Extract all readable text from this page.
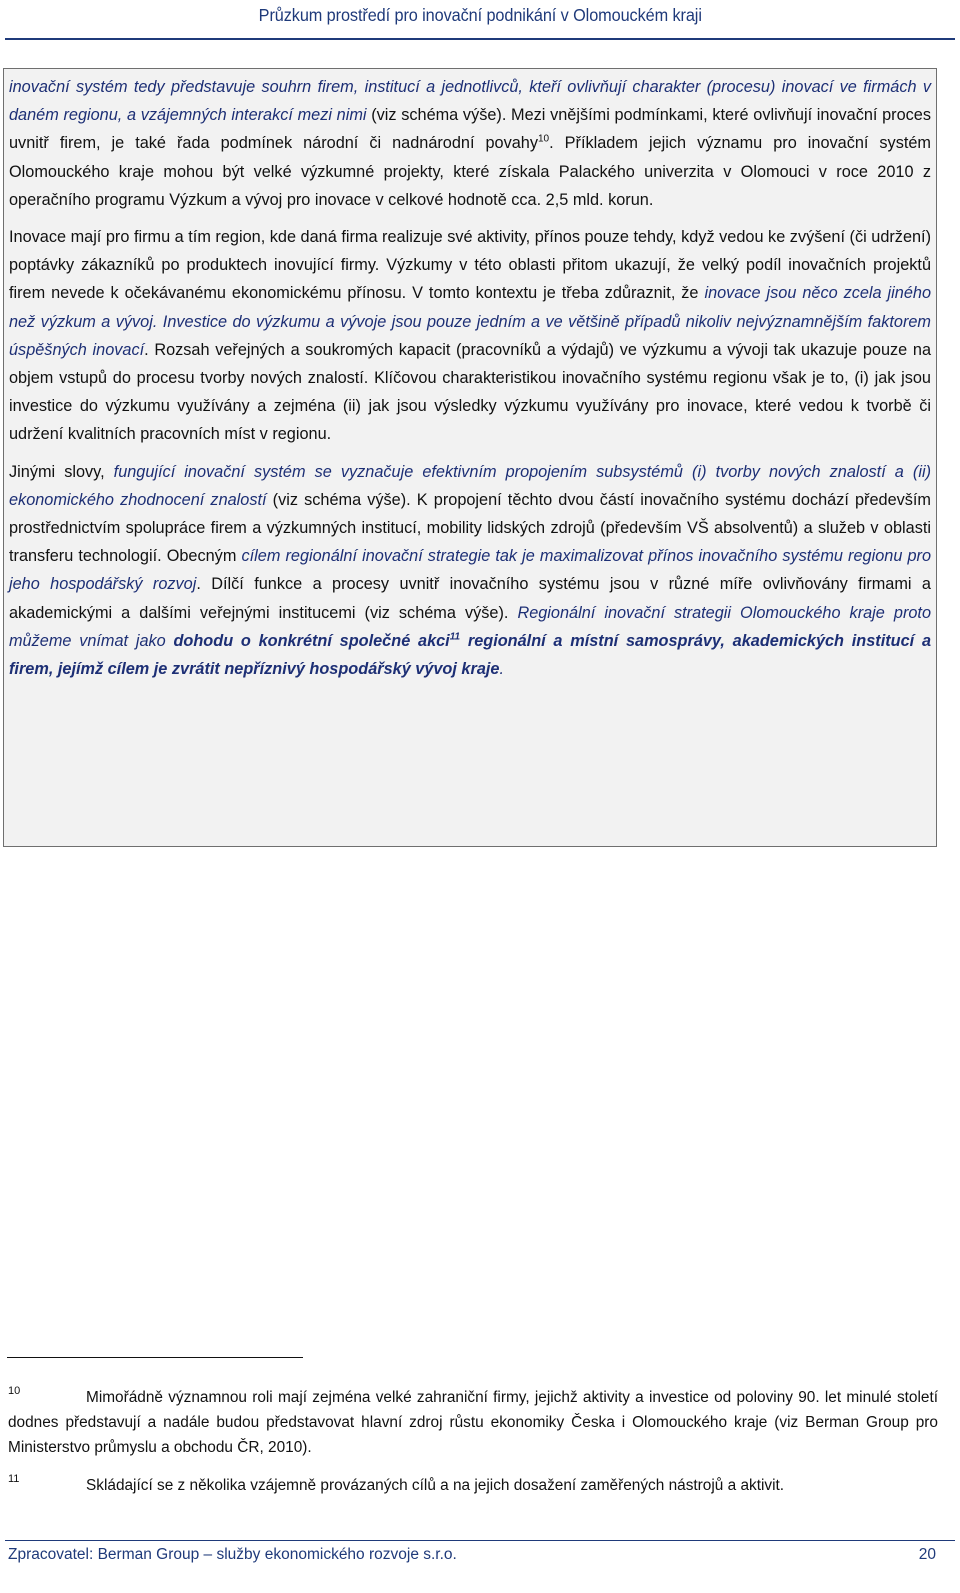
Průzkum prostředí pro inovační podnikání v Olomouckém kraji

inovační systém tedy představuje souhrn firem, institucí a jednotlivců, kteří ovlivňují charakter (procesu) inovací ve firmách v daném regionu, a vzájemných interakcí mezi nimi (viz schéma výše). Mezi vnějšími podmínkami, které ovlivňují inovační proces uvnitř firem, je také řada podmínek národní či nadnárodní povahy$^{10}$. Příkladem jejich významu pro inovační systém Olomouckého kraje mohou být velké výzkumné projekty, které získala Palackého univerzita v Olomouci v roce 2010 z operačního programu Výzkum a vývoj pro inovace v celkové hodnotě cca. 2,5 mld. korun.

Inovace mají pro firmu a tím region, kde daná firma realizuje své aktivity, přínos pouze tehdy, když vedou ke zvýšení (či udržení) poptávky zákazníků po produktech inovující firmy. Výzkumy v této oblasti přitom ukazují, že velký podíl inovačních projektů firem nevede k očekávanému ekonomickému přínosu. V tomto kontextu je třeba zdůraznit, že inovace jsou něco zcela jiného než výzkum a vývoj. Investice do výzkumu a vývoje jsou pouze jedním a ve většině případů nikoliv nejvýznamnějším faktorem úspěšných inovací. Rozsah veřejných a soukromých kapacit (pracovníků a výdajů) ve výzkumu a vývoji tak ukazuje pouze na objem vstupů do procesu tvorby nových znalostí. Klíčovou charakteristikou inovačního systému regionu však je to, (i) jak jsou investice do výzkumu využívány a zejména (ii) jak jsou výsledky výzkumu využívány pro inovace, které vedou k tvorbě či udržení kvalitních pracovních míst v regionu.

Jinými slovy, fungující inovační systém se vyznačuje efektivním propojením subsystémů (i) tvorby nových znalostí a (ii) ekonomického zhodnocení znalostí (viz schéma výše). K propojení těchto dvou částí inovačního systému dochází především prostřednictvím spolupráce firem a výzkumných institucí, mobility lidských zdrojů (především VŠ absolventů) a služeb v oblasti transferu technologií. Obecným cílem regionální inovační strategie tak je maximalizovat přínos inovačního systému regionu pro jeho hospodářský rozvoj. Dílčí funkce a procesy uvnitř inovačního systému jsou v různé míře ovlivňovány firmami a akademickými a dalšími veřejnými institucemi (viz schéma výše). Regionální inovační strategii Olomouckého kraje proto můžeme vnímat jako dohodu o konkrétní společné akci$^{11}$ regionální a místní samosprávy, akademických institucí a firem, jejímž cílem je zvrátit nepříznivý hospodářský vývoj kraje.

10	Mimořádně významnou roli mají zejména velké zahraniční firmy, jejichž aktivity a investice od poloviny 90. let minulé století dodnes představují a nadále budou představovat hlavní zdroj růstu ekonomiky Česka i Olomouckého kraje (viz Berman Group pro Ministerstvo průmyslu a obchodu ČR, 2010).
11	Skládající se z několika vzájemně provázaných cílů a na jejich dosažení zaměřených nástrojů a aktivit.
Zpracovatel: Berman Group – služby ekonomického rozvoje s.r.o.	20
